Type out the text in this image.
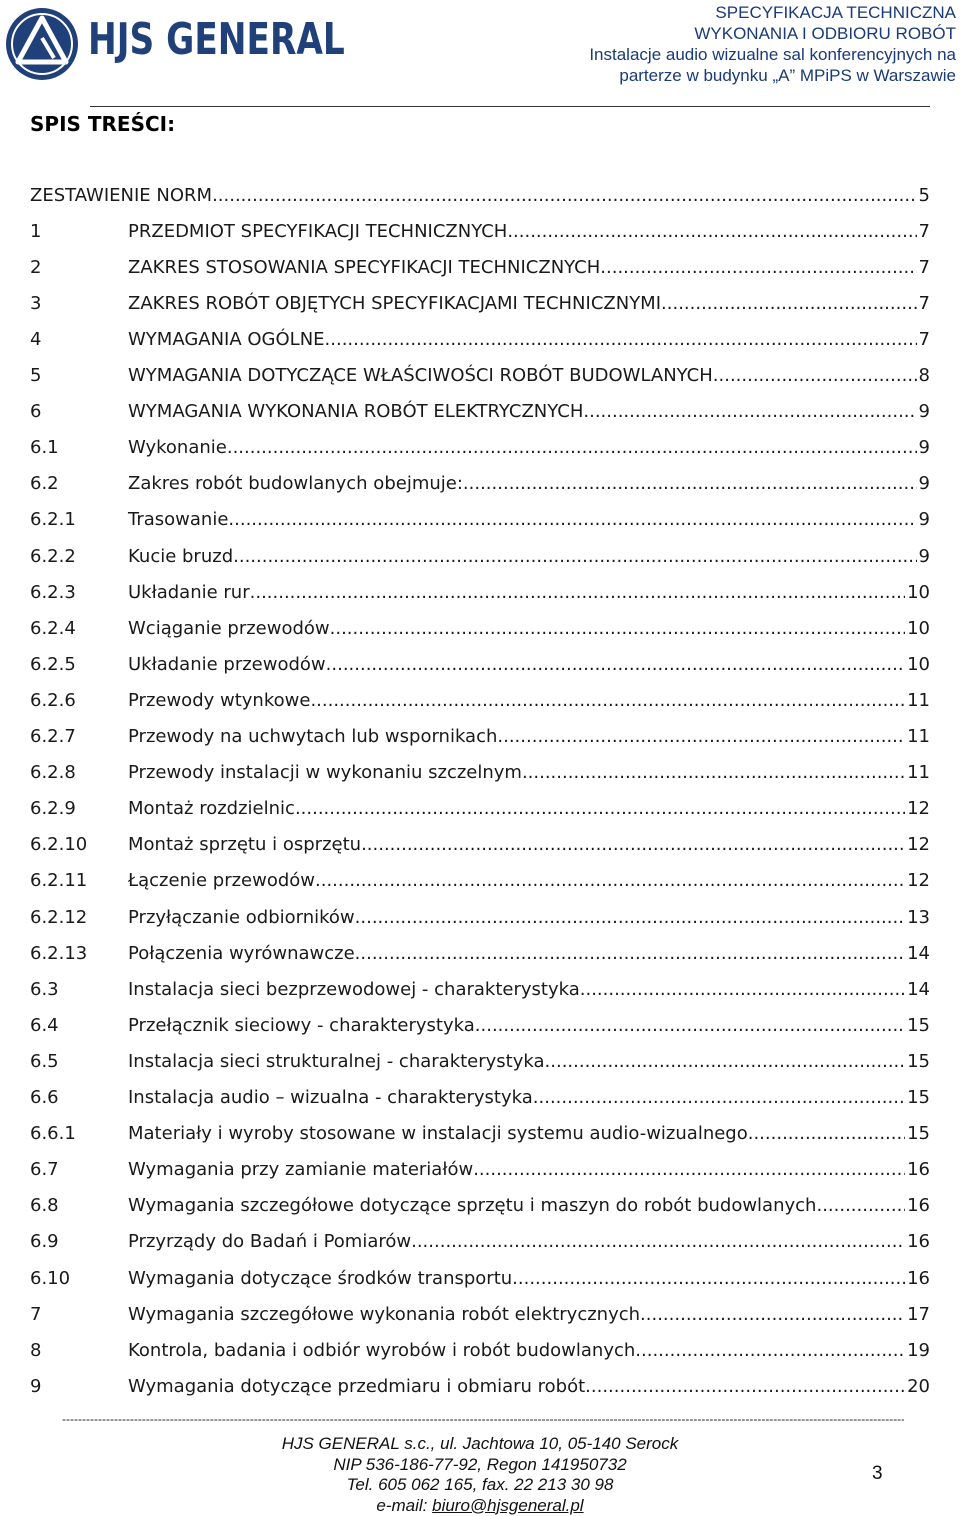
HJS GENERAL
SPECYFIKACJA TECHNICZNA
WYKONANIA I ODBIORU ROBÓT
Instalacje audio wizualne sal konferencyjnych na
parterze w budynku „A” MPiPS w Warszawie
SPIS TREŚCI:
ZESTAWIENIE NORM .....	5
1	PRZEDMIOT SPECYFIKACJI TECHNICZNYCH .....	7
2	ZAKRES STOSOWANIA SPECYFIKACJI TECHNICZNYCH .....	7
3	ZAKRES ROBÓT OBJĘTYCH SPECYFIKACJAMI TECHNICZNYMI .....	7
4	WYMAGANIA OGÓLNE .....	7
5	WYMAGANIA DOTYCZĄCE WŁAŚCIWOŚCI ROBÓT BUDOWLANYCH .....	8
6	WYMAGANIA WYKONANIA ROBÓT ELEKTRYCZNYCH .....	9
6.1	Wykonanie. .....	9
6.2	Zakres robót budowlanych obejmuje: .....	9
6.2.1	Trasowanie .....	9
6.2.2	Kucie bruzd .....	9
6.2.3	Układanie rur .....	10
6.2.4	Wciąganie przewodów .....	10
6.2.5	Układanie przewodów .....	10
6.2.6	Przewody wtynkowe .....	11
6.2.7	Przewody na uchwytach lub wspornikach .....	11
6.2.8	Przewody instalacji w wykonaniu szczelnym .....	11
6.2.9	Montaż rozdzielnic .....	12
6.2.10	Montaż sprzętu i osprzętu .....	12
6.2.11	Łączenie przewodów .....	12
6.2.12	Przyłączanie odbiorników .....	13
6.2.13	Połączenia wyrównawcze .....	14
6.3	Instalacja sieci bezprzewodowej - charakterystyka .....	14
6.4	Przełącznik sieciowy - charakterystyka .....	15
6.5	Instalacja sieci strukturalnej - charakterystyka .....	15
6.6	Instalacja audio – wizualna - charakterystyka .....	15
6.6.1	Materiały i wyroby stosowane w instalacji systemu audio-wizualnego .....	15
6.7	Wymagania przy zamianie materiałów .....	16
6.8	Wymagania szczegółowe dotyczące sprzętu i maszyn do robót budowlanych. .....	16
6.9	Przyrządy do Badań i Pomiarów .....	16
6.10	Wymagania dotyczące środków transportu .....	16
7	Wymagania szczegółowe wykonania robót elektrycznych .....	17
8	Kontrola, badania i odbiór wyrobów i robót budowlanych .....	19
9	Wymagania dotyczące przedmiaru i obmiaru robót .....	20
-----
HJS GENERAL s.c., ul. Jachtowa 10, 05-140 Serock
NIP 536-186-77-92, Regon 141950732
Tel. 605 062 165, fax. 22 213 30 98
e-mail: biuro@hjsgeneral.pl
3
